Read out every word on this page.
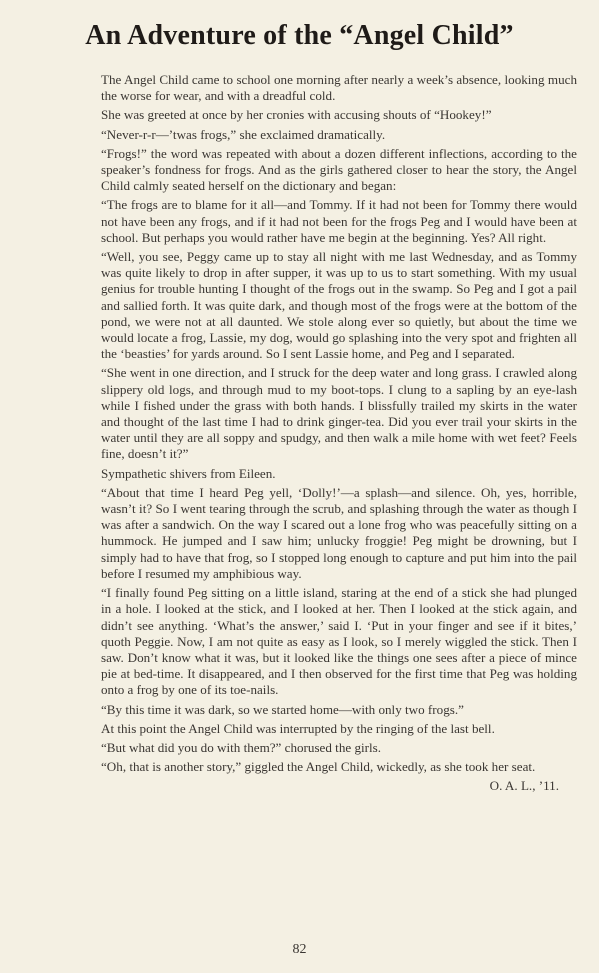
An Adventure of the “Angel Child”

The Angel Child came to school one morning after nearly a week’s absence, looking much the worse for wear, and with a dreadful cold.

She was greeted at once by her cronies with accusing shouts of “Hookey!”

“Never-r-r—’twas frogs,” she exclaimed dramatically.

“Frogs!” the word was repeated with about a dozen different inflections, according to the speaker’s fondness for frogs. And as the girls gathered closer to hear the story, the Angel Child calmly seated herself on the dictionary and began:

“The frogs are to blame for it all—and Tommy. If it had not been for Tommy there would not have been any frogs, and if it had not been for the frogs Peg and I would have been at school. But perhaps you would rather have me begin at the beginning. Yes? All right.

“Well, you see, Peggy came up to stay all night with me last Wednesday, and as Tommy was quite likely to drop in after supper, it was up to us to start something. With my usual genius for trouble hunting I thought of the frogs out in the swamp. So Peg and I got a pail and sallied forth. It was quite dark, and though most of the frogs were at the bottom of the pond, we were not at all daunted. We stole along ever so quietly, but about the time we would locate a frog, Lassie, my dog, would go splashing into the very spot and frighten all the ‘beasties’ for yards around. So I sent Lassie home, and Peg and I separated.

“She went in one direction, and I struck for the deep water and long grass. I crawled along slippery old logs, and through mud to my boot-tops. I clung to a sapling by an eye-lash while I fished under the grass with both hands. I blissfully trailed my skirts in the water and thought of the last time I had to drink ginger-tea. Did you ever trail your skirts in the water until they are all soppy and spudgy, and then walk a mile home with wet feet? Feels fine, doesn’t it?”

Sympathetic shivers from Eileen.

“About that time I heard Peg yell, ‘Dolly!’—a splash—and silence. Oh, yes, horrible, wasn’t it? So I went tearing through the scrub, and splashing through the water as though I was after a sandwich. On the way I scared out a lone frog who was peacefully sitting on a hummock. He jumped and I saw him; unlucky froggie! Peg might be drowning, but I simply had to have that frog, so I stopped long enough to capture and put him into the pail before I resumed my amphibious way.

“I finally found Peg sitting on a little island, staring at the end of a stick she had plunged in a hole. I looked at the stick, and I looked at her. Then I looked at the stick again, and didn’t see anything. ‘What’s the answer,’ said I. ‘Put in your finger and see if it bites,’ quoth Peggie. Now, I am not quite as easy as I look, so I merely wiggled the stick. Then I saw. Don’t know what it was, but it looked like the things one sees after a piece of mince pie at bed-time. It disappeared, and I then observed for the first time that Peg was holding onto a frog by one of its toe-nails.

“By this time it was dark, so we started home—with only two frogs.”

At this point the Angel Child was interrupted by the ringing of the last bell.

“But what did you do with them?” chorused the girls.

“Oh, that is another story,” giggled the Angel Child, wickedly, as she took her seat.

O. A. L., ’11.
82
